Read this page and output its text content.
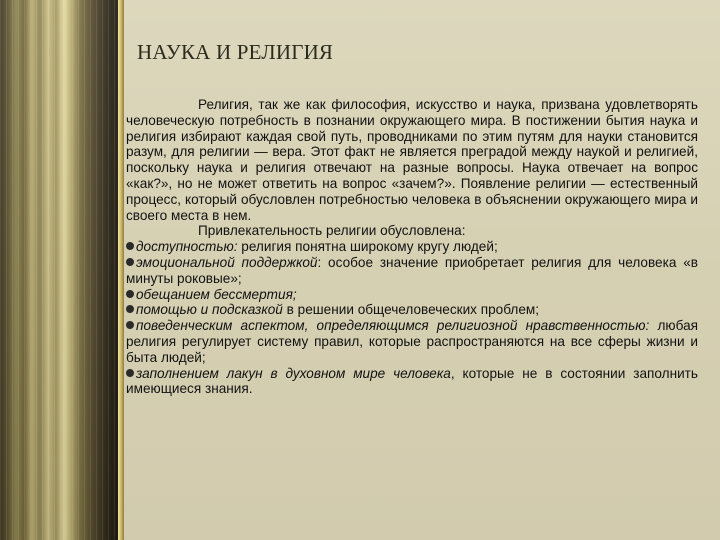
НАУКА И РЕЛИГИЯ

Религия, так же как философия, искусство и наука, призвана удовлетворять человеческую потребность в познании окружающего мира. В постижении бытия наука и религия избирают каждая свой путь, проводниками по этим путям для науки становится разум, для религии — вера. Этот факт не является преградой между наукой и религией, поскольку наука и религия отвечают на разные вопросы. Наука отвечает на вопрос «как?», но не может ответить на вопрос «зачем?». Появление религии — естественный процесс, который обусловлен потребностью человека в объяснении окружающего мира и своего места в нем.

Привлекательность религии обусловлена:

доступностью: религия понятна широкому кругу людей;

эмоциональной поддержкой: особое значение приобретает религия для человека «в минуты роковые»;

обещанием бессмертия;

помощью и подсказкой в решении общечеловеческих проблем;

поведенческим аспектом, определяющимся религиозной нравственностью: любая религия регулирует систему правил, которые распространяются на все сферы жизни и быта людей;

заполнением лакун в духовном мире человека, которые не в состоянии заполнить имеющиеся знания.
